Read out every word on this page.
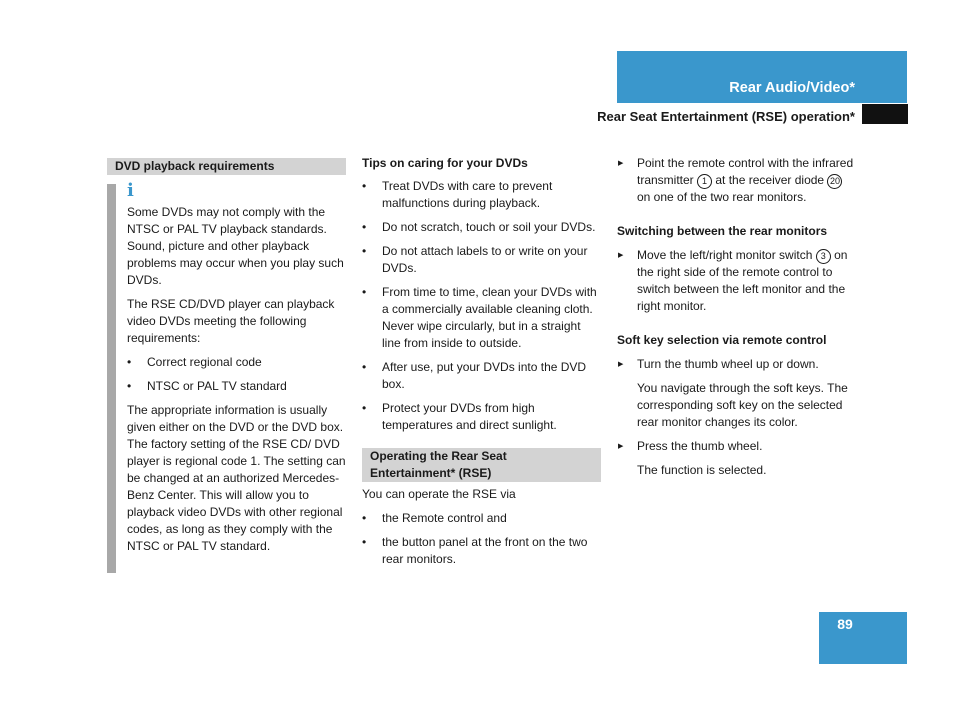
Rear Audio/Video*
Rear Seat Entertainment (RSE) operation*
DVD playback requirements
i

Some DVDs may not comply with the NTSC or PAL TV playback standards. Sound, picture and other playback problems may occur when you play such DVDs.

The RSE CD/DVD player can playback video DVDs meeting the following requirements:

• Correct regional code

• NTSC or PAL TV standard

The appropriate information is usually given either on the DVD or the DVD box. The factory setting of the RSE CD/ DVD player is regional code 1. The setting can be changed at an authorized Mercedes-Benz Center. This will allow you to playback video DVDs with other regional codes, as long as they comply with the NTSC or PAL TV standard.

Tips on caring for your DVDs

• Treat DVDs with care to prevent malfunctions during playback.

• Do not scratch, touch or soil your DVDs.

• Do not attach labels to or write on your DVDs.

• From time to time, clean your DVDs with a commercially available cleaning cloth. Never wipe circularly, but in a straight line from inside to outside.

• After use, put your DVDs into the DVD box.

• Protect your DVDs from high temperatures and direct sunlight.

Operating the Rear Seat Entertainment* (RSE)

You can operate the RSE via

• the Remote control and

• the button panel at the front on the two rear monitors.

▶ Point the remote control with the infrared transmitter 1 at the receiver diode 20 on one of the two rear monitors.

Switching between the rear monitors

▶ Move the left/right monitor switch 3 on the right side of the remote control to switch between the left monitor and the right monitor.

Soft key selection via remote control

▶ Turn the thumb wheel up or down.

You navigate through the soft keys. The corresponding soft key on the selected rear monitor changes its color.

▶ Press the thumb wheel.

The function is selected.

89
